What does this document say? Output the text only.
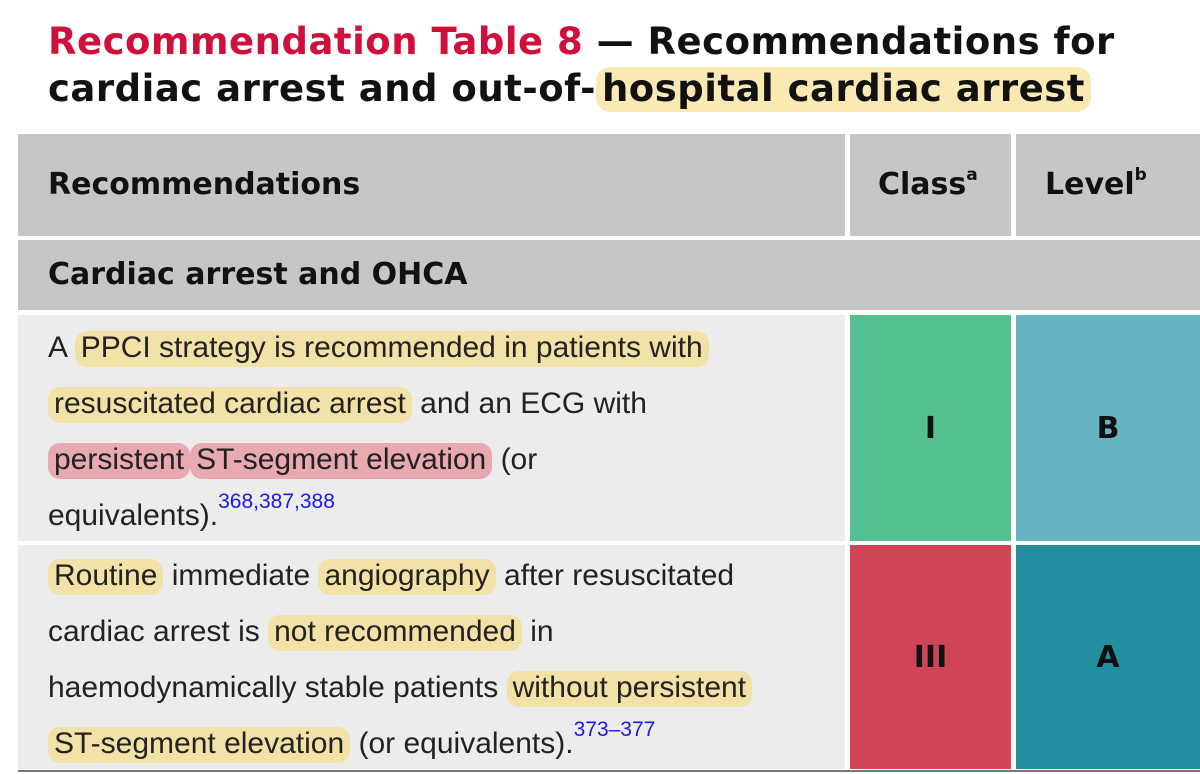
Recommendation Table 8 — Recommendations for cardiac arrest and out-of- hospital cardiac arrest
Recommendations	Class$^a$ Level$^b$
Cardiac arrest and OHCA
A PPCI strategy is recommended in patients with
resuscitated cardiac arrest and an ECG with
persistent ST-segment elevation (or
equivalents).$^{368,387,388}$
I	B
Routine immediate angiography after resuscitated
cardiac arrest is not recommended in
haemodynamically stable patients without persistent
ST-segment elevation (or equivalents).$^{373-377}$
III	A
